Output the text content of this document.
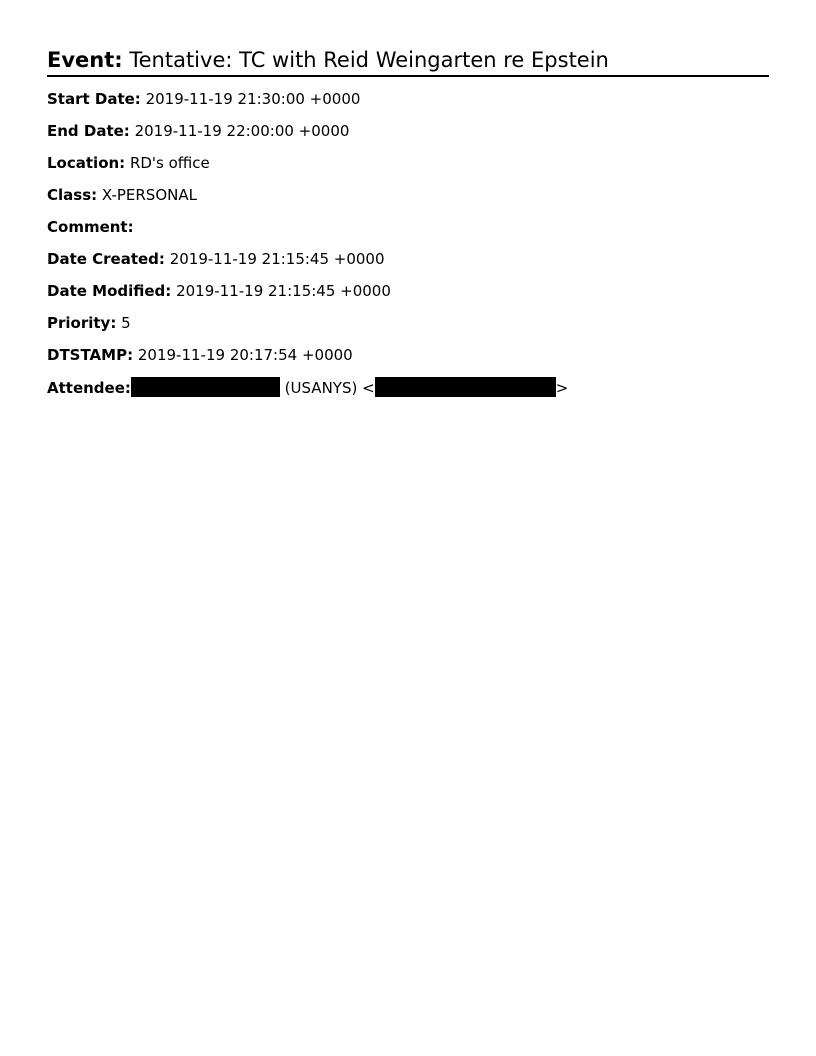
Event: Tentative: TC with Reid Weingarten re Epstein
Start Date: 2019-11-19 21:30:00 +0000
End Date: 2019-11-19 22:00:00 +0000
Location: RD's office
Class: X-PERSONAL
Comment:
Date Created: 2019-11-19 21:15:45 +0000
Date Modified: 2019-11-19 21:15:45 +0000
Priority: 5
DTSTAMP: 2019-11-19 20:17:54 +0000
Attendee:	(USANYS) <	>
